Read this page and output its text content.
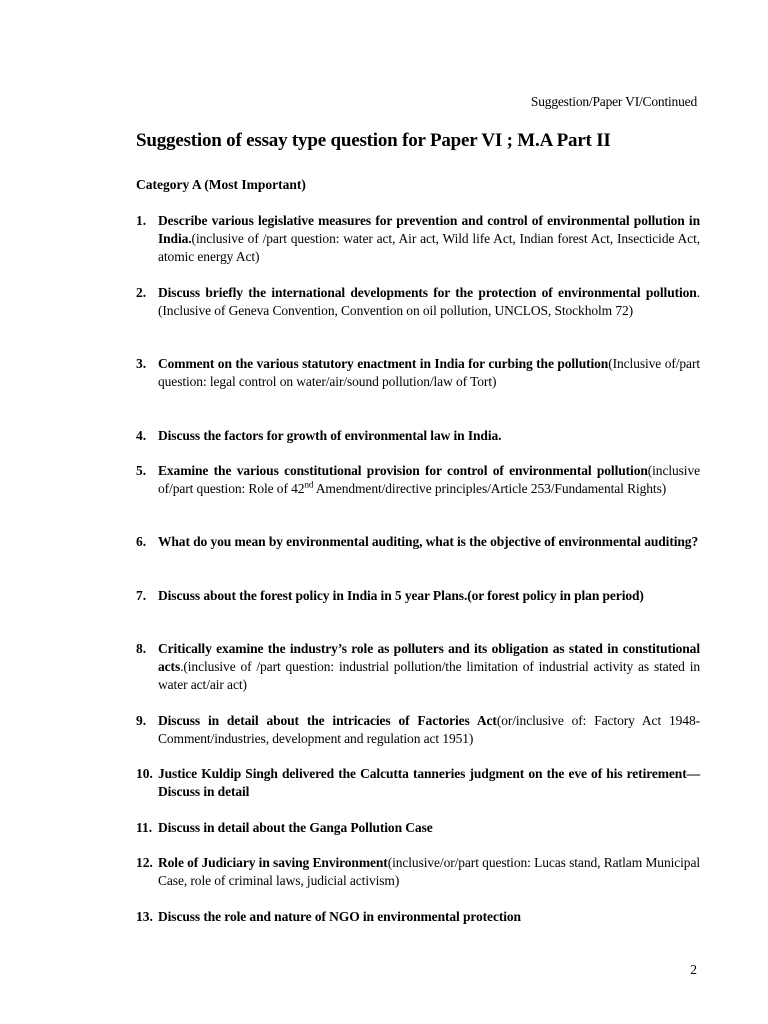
Suggestion/Paper VI/Continued
Suggestion of essay type question for Paper VI ; M.A Part II
Category A (Most Important)
1. Describe various legislative measures for prevention and control of environmental pollution in India.(inclusive of /part question: water act, Air act, Wild life Act, Indian forest Act, Insecticide Act, atomic energy Act)
2. Discuss briefly the international developments for the protection of environmental pollution.(Inclusive of Geneva Convention, Convention on oil pollution, UNCLOS, Stockholm 72)
3. Comment on the various statutory enactment in India for curbing the pollution(Inclusive of/part question: legal control on water/air/sound pollution/law of Tort)
4. Discuss the factors for growth of environmental law in India.
5. Examine the various constitutional provision for control of environmental pollution(inclusive of/part question: Role of 42nd Amendment/directive principles/Article 253/Fundamental Rights)
6. What do you mean by environmental auditing, what is the objective of environmental auditing?
7. Discuss about the forest policy in India in 5 year Plans.(or forest policy in plan period)
8. Critically examine the industry’s role as polluters and its obligation as stated in constitutional acts.(inclusive of /part question: industrial pollution/the limitation of industrial activity as stated in water act/air act)
9. Discuss in detail about the intricacies of Factories Act(or/inclusive of: Factory Act 1948-Comment/industries, development and regulation act 1951)
10. Justice Kuldip Singh delivered the Calcutta tanneries judgment on the eve of his retirement—Discuss in detail
11. Discuss in detail about the Ganga Pollution Case
12. Role of Judiciary in saving Environment(inclusive/or/part question: Lucas stand, Ratlam Municipal Case, role of criminal laws, judicial activism)
13. Discuss the role and nature of NGO in environmental protection
2
